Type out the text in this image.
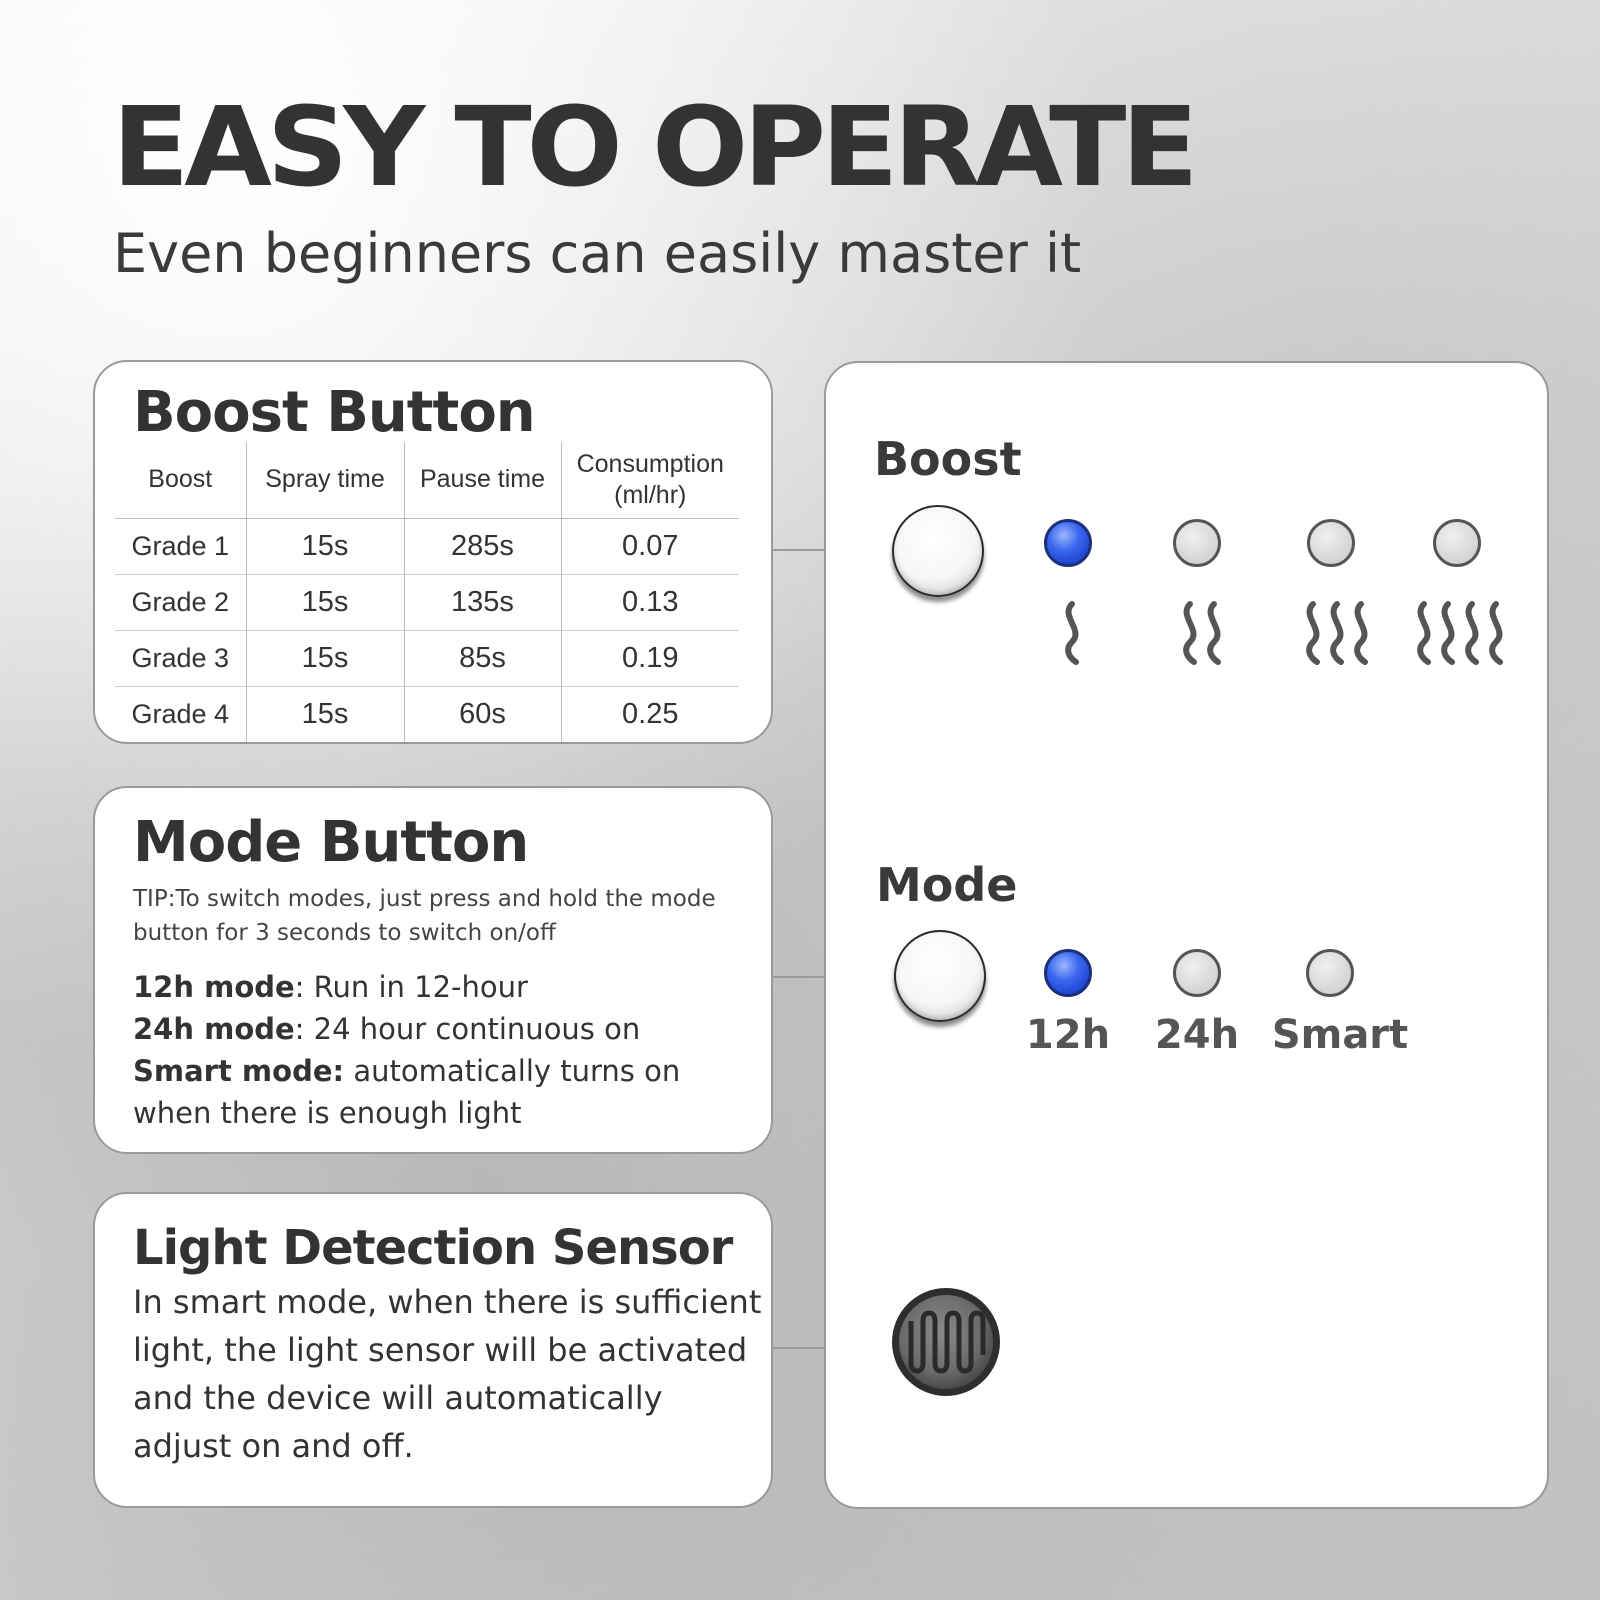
EASY TO OPERATE
Even beginners can easily master it
Boost Button
Boost	Spray time	Pause time	Consumption
(ml/hr)
Grade 1	15s	285s	0.07
Grade 2	15s	135s	0.13
Grade 3	15s	85s	0.19
Grade 4	15s	60s	0.25
Mode Button
TIP:To switch modes, just press and hold the mode button for 3 seconds to switch on/off
12h mode: Run in 12-hour
24h mode: 24 hour continuous on
Smart mode: automatically turns on when there is enough light
Light Detection Sensor
In smart mode, when there is sufficient light, the light sensor will be activated and the device will automatically adjust on and off.
Boost
Mode
12h 24h Smart
